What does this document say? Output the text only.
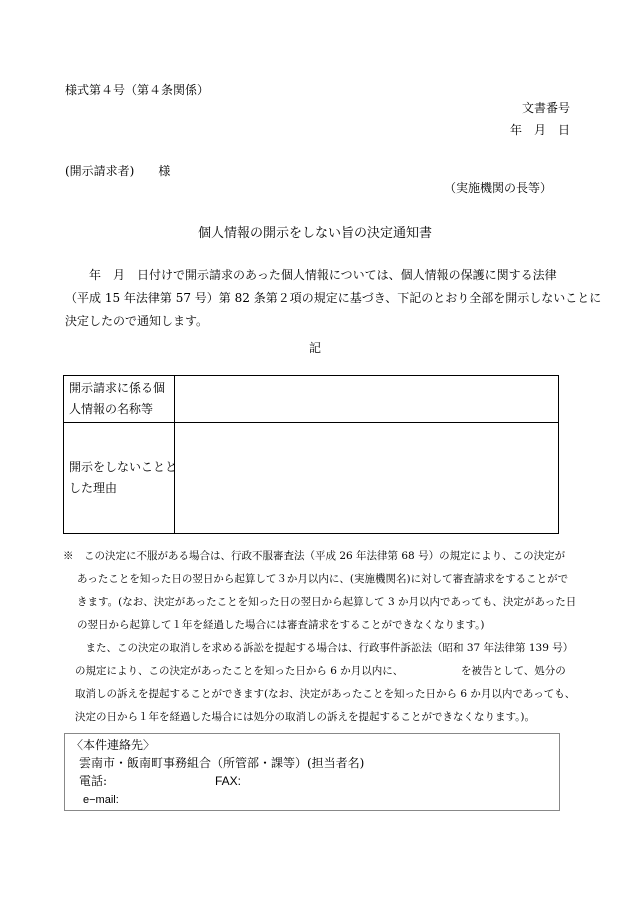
様式第４号（第４条関係）
文書番号
年　月　日
(開示請求者)　　様
（実施機関の長等）
個人情報の開示をしない旨の決定通知書
　　年　月　日付けで開示請求のあった個人情報については、個人情報の保護に関する法律
（平成 15 年法律第 57 号）第 82 条第２項の規定に基づき、下記のとおり全部を開示しないことに
決定したので通知します。
記
開示請求に係る個
人情報の名称等	

開示をしないことと
した理由	

※　この決定に不服がある場合は、行政不服審査法（平成 26 年法律第 68 号）の規定により、この決定が
あったことを知った日の翌日から起算して３か月以内に、(実施機関名)に対して審査請求をすることがで
きます。(なお、決定があったことを知った日の翌日から起算して 3 か月以内であっても、決定があった日
の翌日から起算して１年を経過した場合には審査請求をすることができなくなります。)
　また、この決定の取消しを求める訴訟を提起する場合は、行政事件訴訟法（昭和 37 年法律第 139 号）
の規定により、この決定があったことを知った日から 6 か月以内に、　　　　　　を被告として、処分の
取消しの訴えを提起することができます(なお、決定があったことを知った日から 6 か月以内であっても、
決定の日から１年を経過した場合には処分の取消しの訴えを提起することができなくなります。)。
〈本件連絡先〉
雲南市・飯南町事務組合（所管部・課等）(担当者名)
電話:	FAX:
e−mail:
